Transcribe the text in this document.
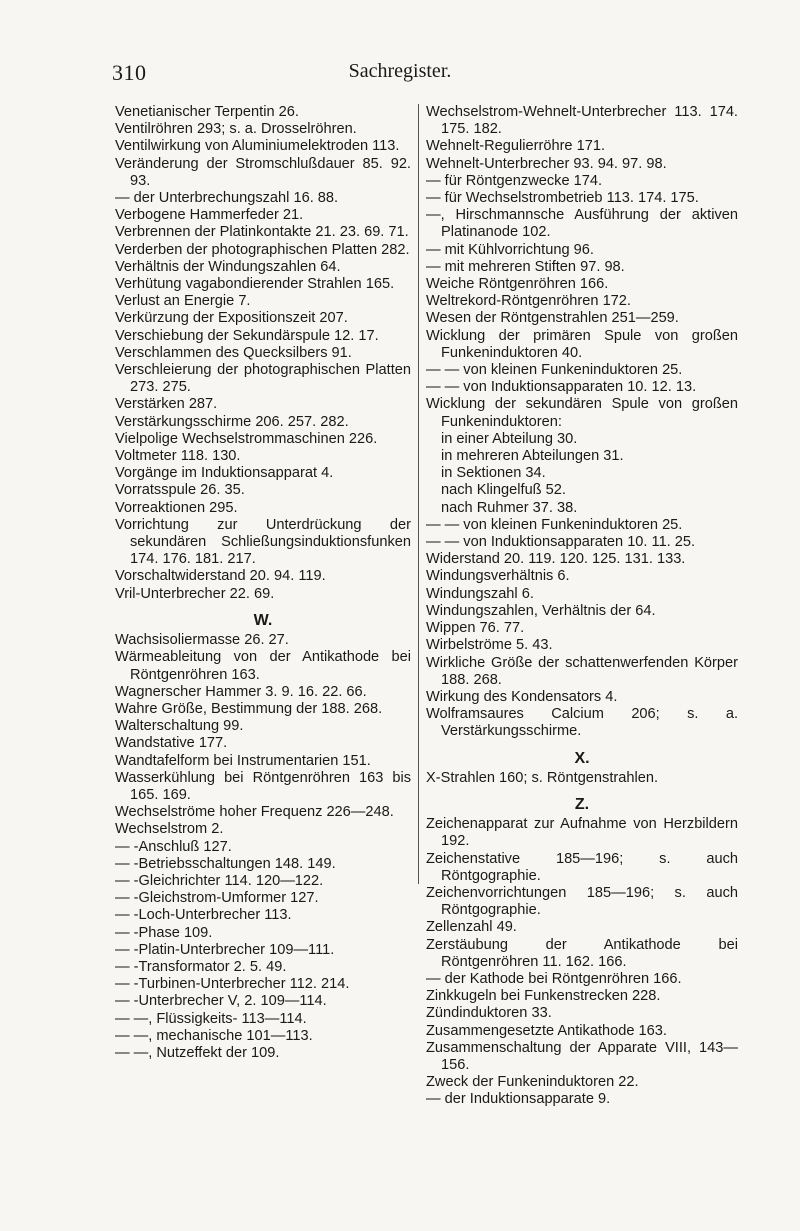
310	Sachregister.
Venetianischer Terpentin 26.
Ventilröhren 293; s. a. Drosselröhren.
Ventilwirkung von Aluminiumelektroden 113.
Veränderung der Stromschlußdauer 85. 92. 93.
— der Unterbrechungszahl 16. 88.
Verbogene Hammerfeder 21.
Verbrennen der Platinkontakte 21. 23. 69. 71.
Verderben der photographischen Platten 282.
Verhältnis der Windungszahlen 64.
Verhütung vagabondierender Strahlen 165.
Verlust an Energie 7.
Verkürzung der Expositionszeit 207.
Verschiebung der Sekundärspule 12. 17.
Verschlammen des Quecksilbers 91.
Verschleierung der photographischen Platten 273. 275.
Verstärken 287.
Verstärkungsschirme 206. 257. 282.
Vielpolige Wechselstrommaschinen 226.
Voltmeter 118. 130.
Vorgänge im Induktionsapparat 4.
Vorratsspule 26. 35.
Vorreaktionen 295.
Vorrichtung zur Unterdrückung der sekundären Schließungsinduktionsfunken 174. 176. 181. 217.
Vorschaltwiderstand 20. 94. 119.
Vril-Unterbrecher 22. 69.
W.
Wachsisoliermasse 26. 27.
Wärmeableitung von der Antikathode bei Röntgenröhren 163.
Wagnerscher Hammer 3. 9. 16. 22. 66.
Wahre Größe, Bestimmung der 188. 268.
Walterschaltung 99.
Wandstative 177.
Wandtafelform bei Instrumentarien 151.
Wasserkühlung bei Röntgenröhren 163 bis 165. 169.
Wechselströme hoher Frequenz 226—248.
Wechselstrom 2.
— -Anschluß 127.
— -Betriebsschaltungen 148. 149.
— -Gleichrichter 114. 120—122.
— -Gleichstrom-Umformer 127.
— -Loch-Unterbrecher 113.
— -Phase 109.
— -Platin-Unterbrecher 109—111.
— -Transformator 2. 5. 49.
— -Turbinen-Unterbrecher 112. 214.
— -Unterbrecher V, 2. 109—114.
— —, Flüssigkeits- 113—114.
— —, mechanische 101—113.
— —, Nutzeffekt der 109.
Wechselstrom-Wehnelt-Unterbrecher 113. 174. 175. 182.
Wehnelt-Regulierröhre 171.
Wehnelt-Unterbrecher 93. 94. 97. 98.
— für Röntgenzwecke 174.
— für Wechselstrombetrieb 113. 174. 175.
—, Hirschmannsche Ausführung der aktiven Platinanode 102.
— mit Kühlvorrichtung 96.
— mit mehreren Stiften 97. 98.
Weiche Röntgenröhren 166.
Weltrekord-Röntgenröhren 172.
Wesen der Röntgenstrahlen 251—259.
Wicklung der primären Spule von großen Funkeninduktoren 40.
— — von kleinen Funkeninduktoren 25.
— — von Induktionsapparaten 10. 12. 13.
Wicklung der sekundären Spule von großen Funkeninduktoren:
in einer Abteilung 30.
in mehreren Abteilungen 31.
in Sektionen 34.
nach Klingelfuß 52.
nach Ruhmer 37. 38.
— — von kleinen Funkeninduktoren 25.
— — von Induktionsapparaten 10. 11. 25.
Widerstand 20. 119. 120. 125. 131. 133.
Windungsverhältnis 6.
Windungszahl 6.
Windungszahlen, Verhältnis der 64.
Wippen 76. 77.
Wirbelströme 5. 43.
Wirkliche Größe der schattenwerfenden Körper 188. 268.
Wirkung des Kondensators 4.
Wolframsaures Calcium 206; s. a. Verstärkungsschirme.
X.
X-Strahlen 160; s. Röntgenstrahlen.
Z.
Zeichenapparat zur Aufnahme von Herzbildern 192.
Zeichenstative 185—196; s. auch Röntgographie.
Zeichenvorrichtungen 185—196; s. auch Röntgographie.
Zellenzahl 49.
Zerstäubung der Antikathode bei Röntgenröhren 11. 162. 166.
— der Kathode bei Röntgenröhren 166.
Zinkkugeln bei Funkenstrecken 228.
Zündinduktoren 33.
Zusammengesetzte Antikathode 163.
Zusammenschaltung der Apparate VIII, 143—156.
Zweck der Funkeninduktoren 22.
— der Induktionsapparate 9.
